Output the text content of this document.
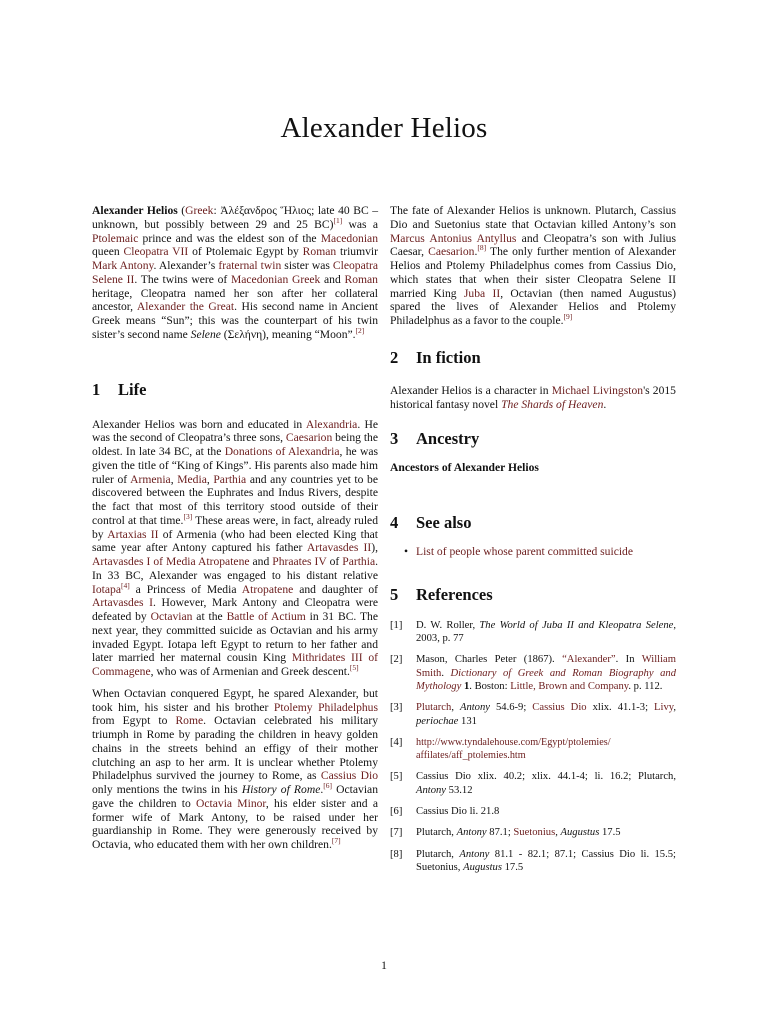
Alexander Helios

Alexander Helios (Greek: Ἀλέξανδρος Ἥλιος; late 40 BC – unknown, but possibly between 29 and 25 BC)[1] was a Ptolemaic prince and was the eldest son of the Macedonian queen Cleopatra VII of Ptolemaic Egypt by Roman triumvir Mark Antony. Alexander’s fraternal twin sister was Cleopatra Selene II. The twins were of Macedonian Greek and Roman heritage, Cleopatra named her son after her collateral ancestor, Alexander the Great. His second name in Ancient Greek means “Sun”; this was the counterpart of his twin sister’s second name Selene (Σελήνη), meaning “Moon”.[2]

1 Life

Alexander Helios was born and educated in Alexandria. He was the second of Cleopatra’s three sons, Caesarion being the oldest. In late 34 BC, at the Donations of Alexandria, he was given the title of “King of Kings”. His parents also made him ruler of Armenia, Media, Parthia and any countries yet to be discovered between the Euphrates and Indus Rivers, despite the fact that most of this territory stood outside of their control at that time.[3] These areas were, in fact, already ruled by Artaxias II of Armenia (who had been elected King that same year after Antony captured his father Artavasdes II), Artavasdes I of Media Atropatene and Phraates IV of Parthia. In 33 BC, Alexander was engaged to his distant relative Iotapa[4] a Princess of Media Atropatene and daughter of Artavasdes I. However, Mark Antony and Cleopatra were defeated by Octavian at the Battle of Actium in 31 BC. The next year, they committed suicide as Octavian and his army invaded Egypt. Iotapa left Egypt to return to her father and later married her maternal cousin King Mithridates III of Commagene, who was of Armenian and Greek descent.[5]

When Octavian conquered Egypt, he spared Alexander, but took him, his sister and his brother Ptolemy Philadelphus from Egypt to Rome. Octavian celebrated his military triumph in Rome by parading the children in heavy golden chains in the streets behind an effigy of their mother clutching an asp to her arm. It is unclear whether Ptolemy Philadelphus survived the journey to Rome, as Cassius Dio only mentions the twins in his History of Rome.[6] Octavian gave the children to Octavia Minor, his elder sister and a former wife of Mark Antony, to be raised under her guardianship in Rome. They were generously received by Octavia, who educated them with her own children.[7]

The fate of Alexander Helios is unknown. Plutarch, Cassius Dio and Suetonius state that Octavian killed Antony’s son Marcus Antonius Antyllus and Cleopatra’s son with Julius Caesar, Caesarion.[8] The only further mention of Alexander Helios and Ptolemy Philadelphus comes from Cassius Dio, which states that when their sister Cleopatra Selene II married King Juba II, Octavian (then named Augustus) spared the lives of Alexander Helios and Ptolemy Philadelphus as a favor to the couple.[9]

2 In fiction

Alexander Helios is a character in Michael Livingston's 2015 historical fantasy novel The Shards of Heaven.

3 Ancestry
Ancestors of Alexander Helios
4 See also
• List of people whose parent committed suicide
5 References
[1]	D. W. Roller, The World of Juba II and Kleopatra Selene, 2003, p. 77
[2]	Mason, Charles Peter (1867). “Alexander”. In William Smith. Dictionary of Greek and Roman Biography and Mythology 1. Boston: Little, Brown and Company. p. 112.
[3]	Plutarch, Antony 54.6-9; Cassius Dio xlix. 41.1-3; Livy, periochae 131
[4]	http://www.tyndalehouse.com/Egypt/ptolemies/
affilates/aff_ptolemies.htm
[5]	Cassius Dio xlix. 40.2; xlix. 44.1-4; li. 16.2; Plutarch, Antony 53.12
[6]	Cassius Dio li. 21.8
[7]	Plutarch, Antony 87.1; Suetonius, Augustus 17.5
[8]	Plutarch, Antony 81.1 - 82.1; 87.1; Cassius Dio li. 15.5; Suetonius, Augustus 17.5
1
